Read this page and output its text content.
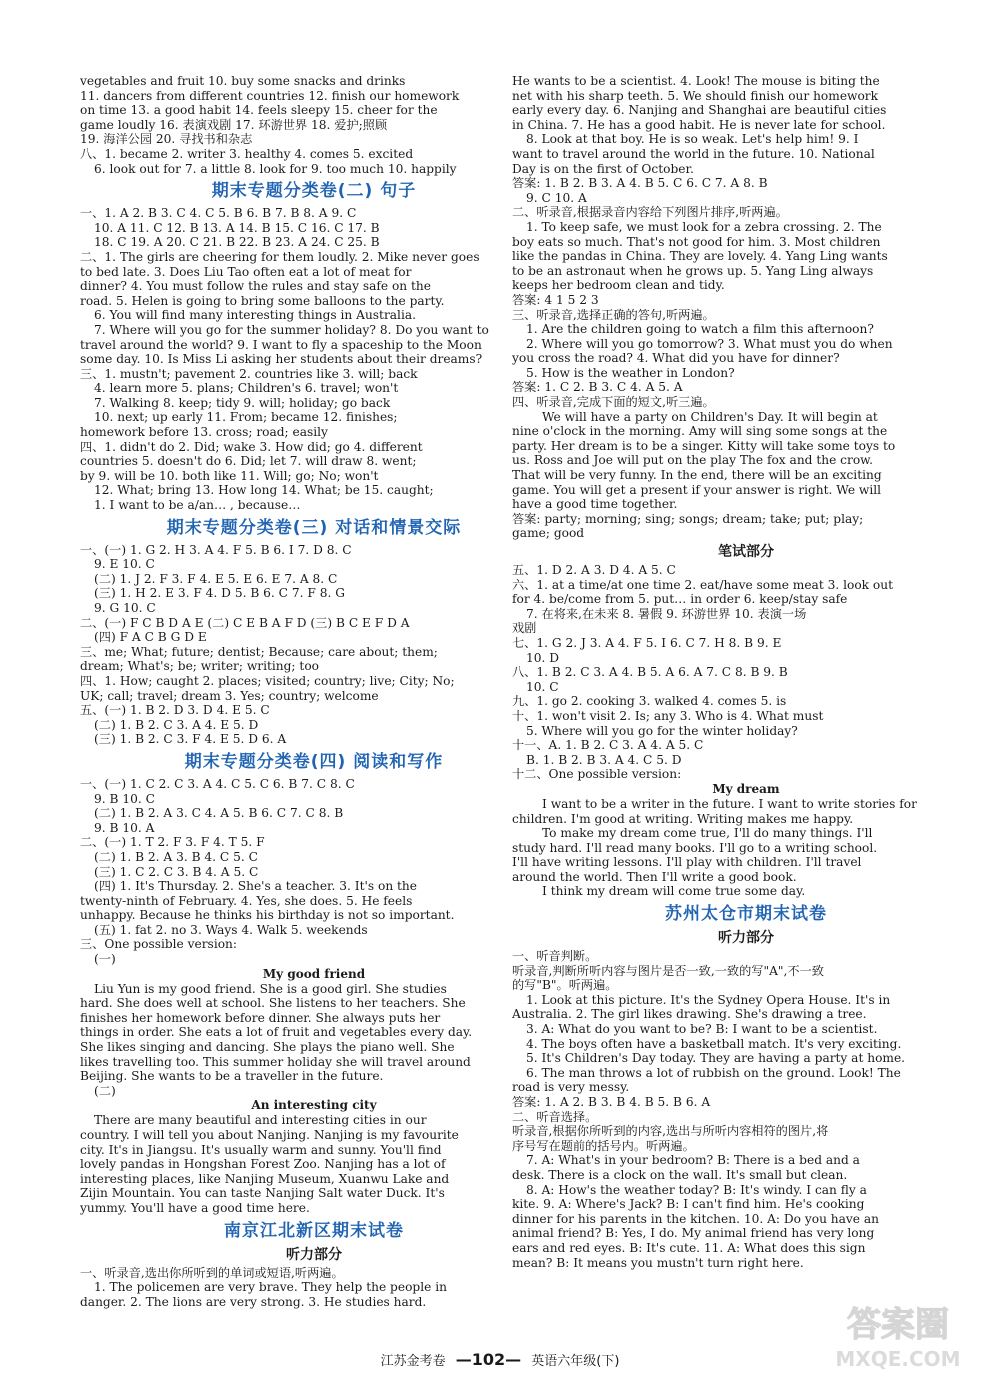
vegetables and fruit 10. buy some snacks and drinks
11. dancers from different countries 12. finish our homework
on time 13. a good habit 14. feels sleepy 15. cheer for the
game loudly 16. 表演戏剧 17. 环游世界 18. 爱护;照顾
19. 海洋公园 20. 寻找书和杂志
八、1. became 2. writer 3. healthy 4. comes 5. excited
6. look out for 7. a little 8. look for 9. too much 10. happily
期末专题分类卷(二) 句子
一、1. A 2. B 3. C 4. C 5. B 6. B 7. B 8. A 9. C
10. A 11. C 12. B 13. A 14. B 15. C 16. C 17. B
18. C 19. A 20. C 21. B 22. B 23. A 24. C 25. B
二、1. The girls are cheering for them loudly. 2. Mike never goes
to bed late. 3. Does Liu Tao often eat a lot of meat for
dinner? 4. You must follow the rules and stay safe on the
road. 5. Helen is going to bring some balloons to the party.
6. You will find many interesting things in Australia.
7. Where will you go for the summer holiday? 8. Do you want to
travel around the world? 9. I want to fly a spaceship to the Moon
some day. 10. Is Miss Li asking her students about their dreams?
三、1. mustn't; pavement 2. countries like 3. will; back
4. learn more 5. plans; Children's 6. travel; won't
7. Walking 8. keep; tidy 9. will; holiday; go back
10. next; up early 11. From; became 12. finishes;
homework before 13. cross; road; easily
四、1. didn't do 2. Did; wake 3. How did; go 4. different
countries 5. doesn't do 6. Did; let 7. will draw 8. went;
by 9. will be 10. both like 11. Will; go; No; won't
12. What; bring 13. How long 14. What; be 15. caught;
1. I want to be a/an… , because…
期末专题分类卷(三) 对话和情景交际
一、(一) 1. G 2. H 3. A 4. F 5. B 6. I 7. D 8. C
9. E 10. C
(二) 1. J 2. F 3. F 4. E 5. E 6. E 7. A 8. C
(三) 1. H 2. E 3. F 4. D 5. B 6. C 7. F 8. G
9. G 10. C
二、(一) F C B D A E (二) C E B A F D (三) B C E F D A
(四) F A C B G D E
三、me; What; future; dentist; Because; care about; them;
dream; What's; be; writer; writing; too
四、1. How; caught 2. places; visited; country; live; City; No;
UK; call; travel; dream 3. Yes; country; welcome
五、(一) 1. B 2. D 3. D 4. E 5. C
(二) 1. B 2. C 3. A 4. E 5. D
(三) 1. B 2. C 3. F 4. E 5. D 6. A
期末专题分类卷(四) 阅读和写作
一、(一) 1. C 2. C 3. A 4. C 5. C 6. B 7. C 8. C
9. B 10. C
(二) 1. B 2. A 3. C 4. A 5. B 6. C 7. C 8. B
9. B 10. A
二、(一) 1. T 2. F 3. F 4. T 5. F
(二) 1. B 2. A 3. B 4. C 5. C
(三) 1. C 2. C 3. B 4. A 5. C
(四) 1. It's Thursday. 2. She's a teacher. 3. It's on the
twenty-ninth of February. 4. Yes, she does. 5. He feels
unhappy. Because he thinks his birthday is not so important.
(五) 1. fat 2. no 3. Ways 4. Walk 5. weekends
三、One possible version:
(一)
My good friend
Liu Yun is my good friend. She is a good girl. She studies
hard. She does well at school. She listens to her teachers. She
finishes her homework before dinner. She always puts her
things in order. She eats a lot of fruit and vegetables every day.
She likes singing and dancing. She plays the piano well. She
likes travelling too. This summer holiday she will travel around
Beijing. She wants to be a traveller in the future.
(二)
An interesting city
There are many beautiful and interesting cities in our
country. I will tell you about Nanjing. Nanjing is my favourite
city. It's in Jiangsu. It's usually warm and sunny. You'll find
lovely pandas in Hongshan Forest Zoo. Nanjing has a lot of
interesting places, like Nanjing Museum, Xuanwu Lake and
Zijin Mountain. You can taste Nanjing Salt water Duck. It's
yummy. You'll have a good time here.
南京江北新区期末试卷
听力部分
一、听录音,选出你所听到的单词或短语,听两遍。
1. The policemen are very brave. They help the people in
danger. 2. The lions are very strong. 3. He studies hard.
He wants to be a scientist. 4. Look! The mouse is biting the
net with his sharp teeth. 5. We should finish our homework
early every day. 6. Nanjing and Shanghai are beautiful cities
in China. 7. He has a good habit. He is never late for school.
8. Look at that boy. He is so weak. Let's help him! 9. I
want to travel around the world in the future. 10. National
Day is on the first of October.
答案: 1. B 2. B 3. A 4. B 5. C 6. C 7. A 8. B
9. C 10. A
二、听录音,根据录音内容给下列图片排序,听两遍。
1. To keep safe, we must look for a zebra crossing. 2. The
boy eats so much. That's not good for him. 3. Most children
like the pandas in China. They are lovely. 4. Yang Ling wants
to be an astronaut when he grows up. 5. Yang Ling always
keeps her bedroom clean and tidy.
答案: 4 1 5 2 3
三、听录音,选择正确的答句,听两遍。
1. Are the children going to watch a film this afternoon?
2. Where will you go tomorrow? 3. What must you do when
you cross the road? 4. What did you have for dinner?
5. How is the weather in London?
答案: 1. C 2. B 3. C 4. A 5. A
四、听录音,完成下面的短文,听三遍。
We will have a party on Children's Day. It will begin at
nine o'clock in the morning. Amy will sing some songs at the
party. Her dream is to be a singer. Kitty will take some toys to
us. Ross and Joe will put on the play The fox and the crow.
That will be very funny. In the end, there will be an exciting
game. You will get a present if your answer is right. We will
have a good time together.
答案: party; morning; sing; songs; dream; take; put; play;
game; good
笔试部分
五、1. D 2. A 3. D 4. A 5. C
六、1. at a time/at one time 2. eat/have some meat 3. look out
for 4. be/come from 5. put… in order 6. keep/stay safe
7. 在将来,在未来 8. 暑假 9. 环游世界 10. 表演一场
戏剧
七、1. G 2. J 3. A 4. F 5. I 6. C 7. H 8. B 9. E
10. D
八、1. B 2. C 3. A 4. B 5. A 6. A 7. C 8. B 9. B
10. C
九、1. go 2. cooking 3. walked 4. comes 5. is
十、1. won't visit 2. Is; any 3. Who is 4. What must
5. Where will you go for the winter holiday?
十一、A. 1. B 2. C 3. A 4. A 5. C
B. 1. B 2. B 3. A 4. C 5. D
十二、One possible version:
My dream
I want to be a writer in the future. I want to write stories for
children. I'm good at writing. Writing makes me happy.
To make my dream come true, I'll do many things. I'll
study hard. I'll read many books. I'll go to a writing school.
I'll have writing lessons. I'll play with children. I'll travel
around the world. Then I'll write a good book.
I think my dream will come true some day.
苏州太仓市期末试卷
听力部分
一、听音判断。
听录音,判断所听内容与图片是否一致,一致的写"A",不一致
的写"B"。听两遍。
1. Look at this picture. It's the Sydney Opera House. It's in
Australia. 2. The girl likes drawing. She's drawing a tree.
3. A: What do you want to be? B: I want to be a scientist.
4. The boys often have a basketball match. It's very exciting.
5. It's Children's Day today. They are having a party at home.
6. The man throws a lot of rubbish on the ground. Look! The
road is very messy.
答案: 1. A 2. B 3. B 4. B 5. B 6. A
二、听音选择。
听录音,根据你所听到的内容,选出与所听内容相符的图片,将
序号写在题前的括号内。听两遍。
7. A: What's in your bedroom? B: There is a bed and a
desk. There is a clock on the wall. It's small but clean.
8. A: How's the weather today? B: It's windy. I can fly a
kite. 9. A: Where's Jack? B: I can't find him. He's cooking
dinner for his parents in the kitchen. 10. A: Do you have an
animal friend? B: Yes, I do. My animal friend has very long
ears and red eyes. B: It's cute. 11. A: What does this sign
mean? B: It means you mustn't turn right here.
江苏金考卷 —102— 英语六年级(下)
答案圈
MXQE.COM
